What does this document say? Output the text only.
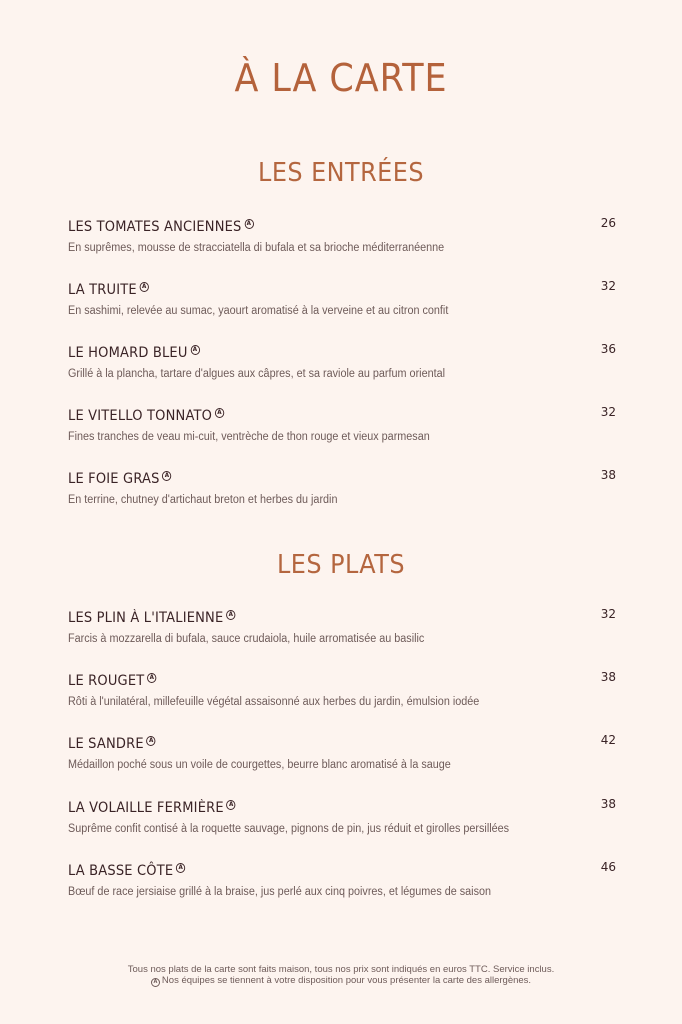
À LA CARTE
LES ENTRÉES
LES TOMATES ANCIENNES A	26
En suprêmes, mousse de stracciatella di bufala et sa brioche méditerranéenne
LA TRUITE A	32
En sashimi, relevée au sumac, yaourt aromatisé à la verveine et au citron confit
LE HOMARD BLEU A	36
Grillé à la plancha, tartare d'algues aux câpres, et sa raviole au parfum oriental
LE VITELLO TONNATO A	32
Fines tranches de veau mi-cuit, ventrèche de thon rouge et vieux parmesan
LE FOIE GRAS A	38
En terrine, chutney d'artichaut breton et herbes du jardin
LES PLATS
LES PLIN À L'ITALIENNE A	32
Farcis à mozzarella di bufala, sauce crudaiola, huile arromatisée au basilic
LE ROUGET A	38
Rôti à l'unilatéral, millefeuille végétal assaisonné aux herbes du jardin, émulsion iodée
LE SANDRE A	42
Médaillon poché sous un voile de courgettes, beurre blanc aromatisé à la sauge
LA VOLAILLE FERMIÈRE A	38
Suprême confit contisé à la roquette sauvage, pignons de pin, jus réduit et girolles persillées
LA BASSE CÔTE A	46
Bœuf de race jersiaise grillé à la braise, jus perlé aux cinq poivres, et légumes de saison
Tous nos plats de la carte sont faits maison, tous nos prix sont indiqués en euros TTC. Service inclus.
A Nos équipes se tiennent à votre disposition pour vous présenter la carte des allergènes.
